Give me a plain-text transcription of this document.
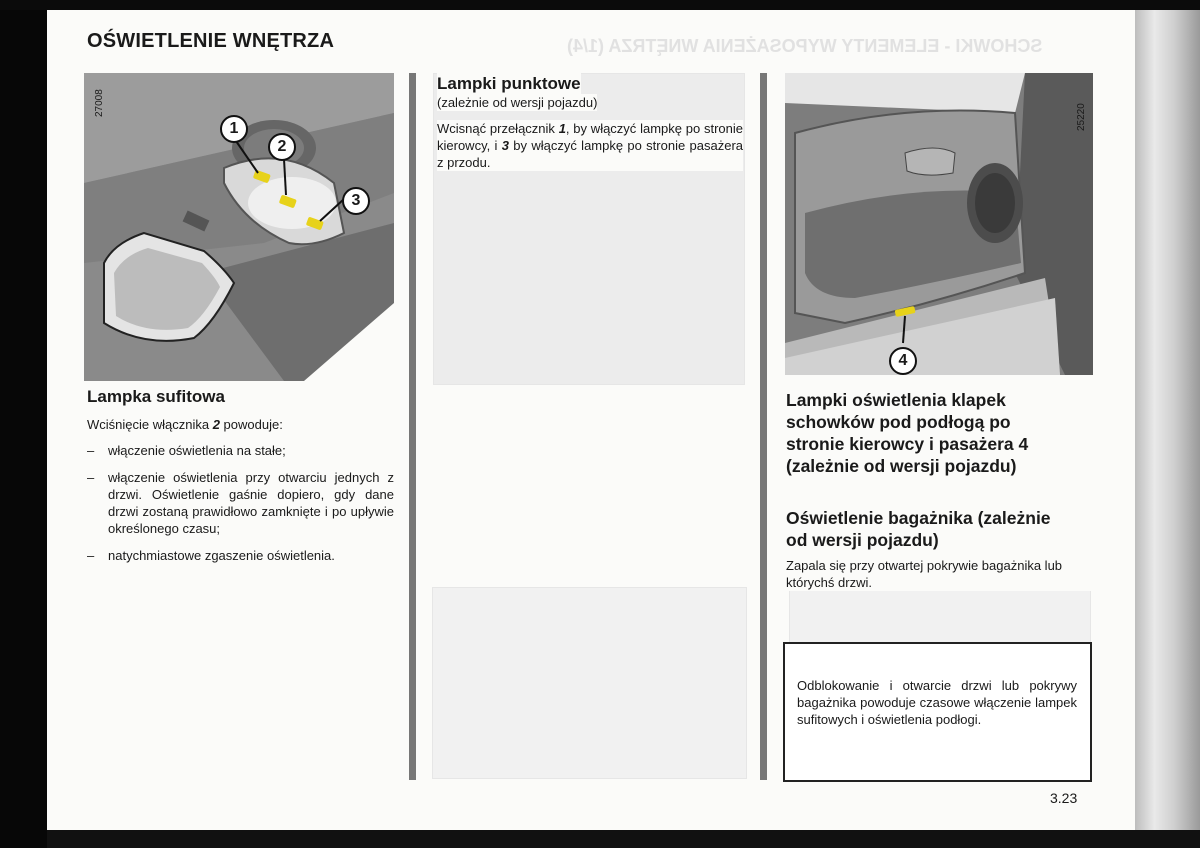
SCHOWKI - ELEMENTY WYPOSAŻENIA WNĘTRZA (1/4)
OŚWIETLENIE WNĘTRZA
27008
1
2
3
Lampka sufitowa
Wciśnięcie włącznika 2 powoduje:
– włączenie oświetlenia na stałe;
– włączenie oświetlenia przy otwarciu jednych z drzwi. Oświetlenie gaśnie dopiero, gdy dane drzwi zostaną prawidłowo zamknięte i po upływie określonego czasu;
– natychmiastowe zgaszenie oświetlenia.
Lampki punktowe
(zależnie od wersji pojazdu)
Wcisnąć przełącznik 1, by włączyć lampkę po stronie kierowcy, i 3 by włączyć lampkę po stronie pasażera z przodu.
25220
4
Lampki oświetlenia klapek
schowków pod podłogą po
stronie kierowcy i pasażera 4
(zależnie od wersji pojazdu)
Oświetlenie bagażnika (zależnie
od wersji pojazdu)
Zapala się przy otwartej pokrywie bagażnika lub którychś drzwi.
Odblokowanie i otwarcie drzwi lub pokrywy bagażnika powoduje czasowe włączenie lampek sufitowych i oświetlenia podłogi.
3.23
